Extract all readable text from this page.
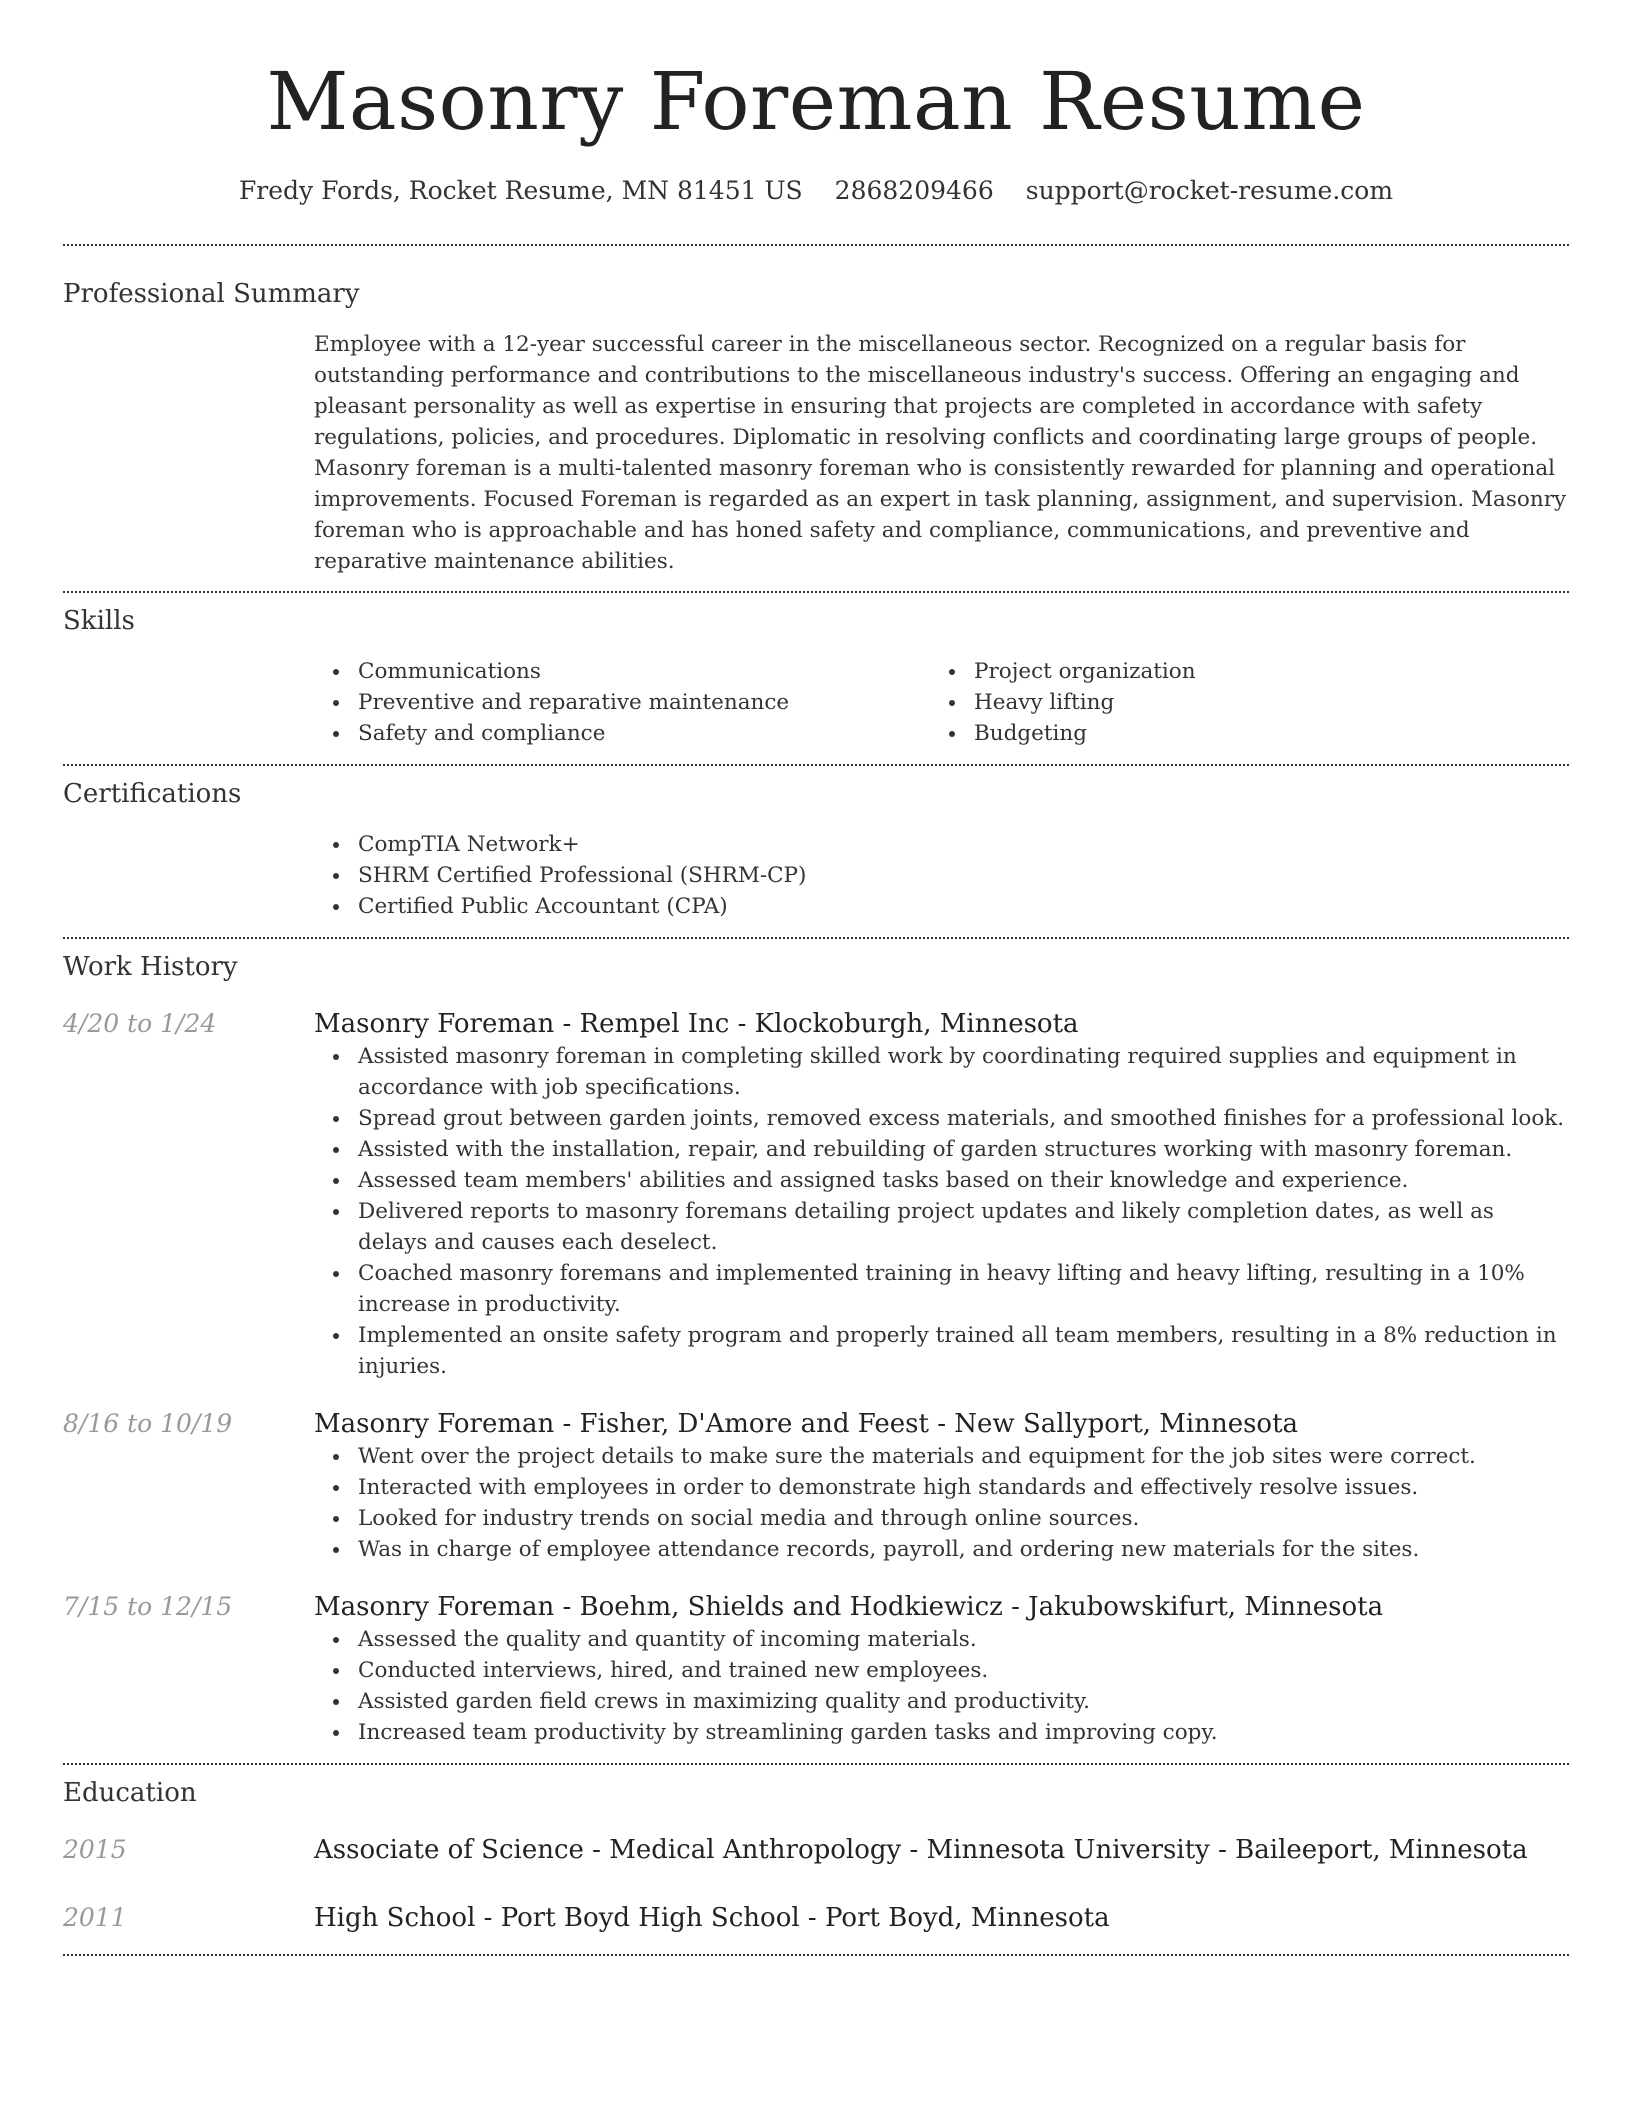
Masonry Foreman Resume
Fredy Fords, Rocket Resume, MN 81451 US 2868209466 support@rocket-resume.com
Professional Summary

Employee with a 12-year successful career in the miscellaneous sector. Recognized on a regular basis for outstanding performance and contributions to the miscellaneous industry's success. Offering an engaging and pleasant personality as well as expertise in ensuring that projects are completed in accordance with safety regulations, policies, and procedures. Diplomatic in resolving conflicts and coordinating large groups of people. Masonry foreman is a multi-talented masonry foreman who is consistently rewarded for planning and operational improvements. Focused Foreman is regarded as an expert in task planning, assignment, and supervision. Masonry foreman who is approachable and has honed safety and compliance, communications, and preventive and reparative maintenance abilities.

Skills
Communications
Preventive and reparative maintenance
Safety and compliance
Project organization
Heavy lifting
Budgeting
Certifications
CompTIA Network+
SHRM Certified Professional (SHRM-CP)
Certified Public Accountant (CPA)
Work History
4/20 to 1/24	Masonry Foreman - Rempel Inc - Klockoburgh, Minnesota
Assisted masonry foreman in completing skilled work by coordinating required supplies and equipment in accordance with job specifications.
Spread grout between garden joints, removed excess materials, and smoothed finishes for a professional look.
Assisted with the installation, repair, and rebuilding of garden structures working with masonry foreman.
Assessed team members' abilities and assigned tasks based on their knowledge and experience.
Delivered reports to masonry foremans detailing project updates and likely completion dates, as well as delays and causes each deselect.
Coached masonry foremans and implemented training in heavy lifting and heavy lifting, resulting in a 10% increase in productivity.
Implemented an onsite safety program and properly trained all team members, resulting in a 8% reduction in injuries.
8/16 to 10/19	Masonry Foreman - Fisher, D'Amore and Feest - New Sallyport, Minnesota
Went over the project details to make sure the materials and equipment for the job sites were correct.
Interacted with employees in order to demonstrate high standards and effectively resolve issues.
Looked for industry trends on social media and through online sources.
Was in charge of employee attendance records, payroll, and ordering new materials for the sites.
7/15 to 12/15	Masonry Foreman - Boehm, Shields and Hodkiewicz - Jakubowskifurt, Minnesota
Assessed the quality and quantity of incoming materials.
Conducted interviews, hired, and trained new employees.
Assisted garden field crews in maximizing quality and productivity.
Increased team productivity by streamlining garden tasks and improving copy.
Education
2015	Associate of Science - Medical Anthropology - Minnesota University - Baileeport, Minnesota
2011	High School - Port Boyd High School - Port Boyd, Minnesota
